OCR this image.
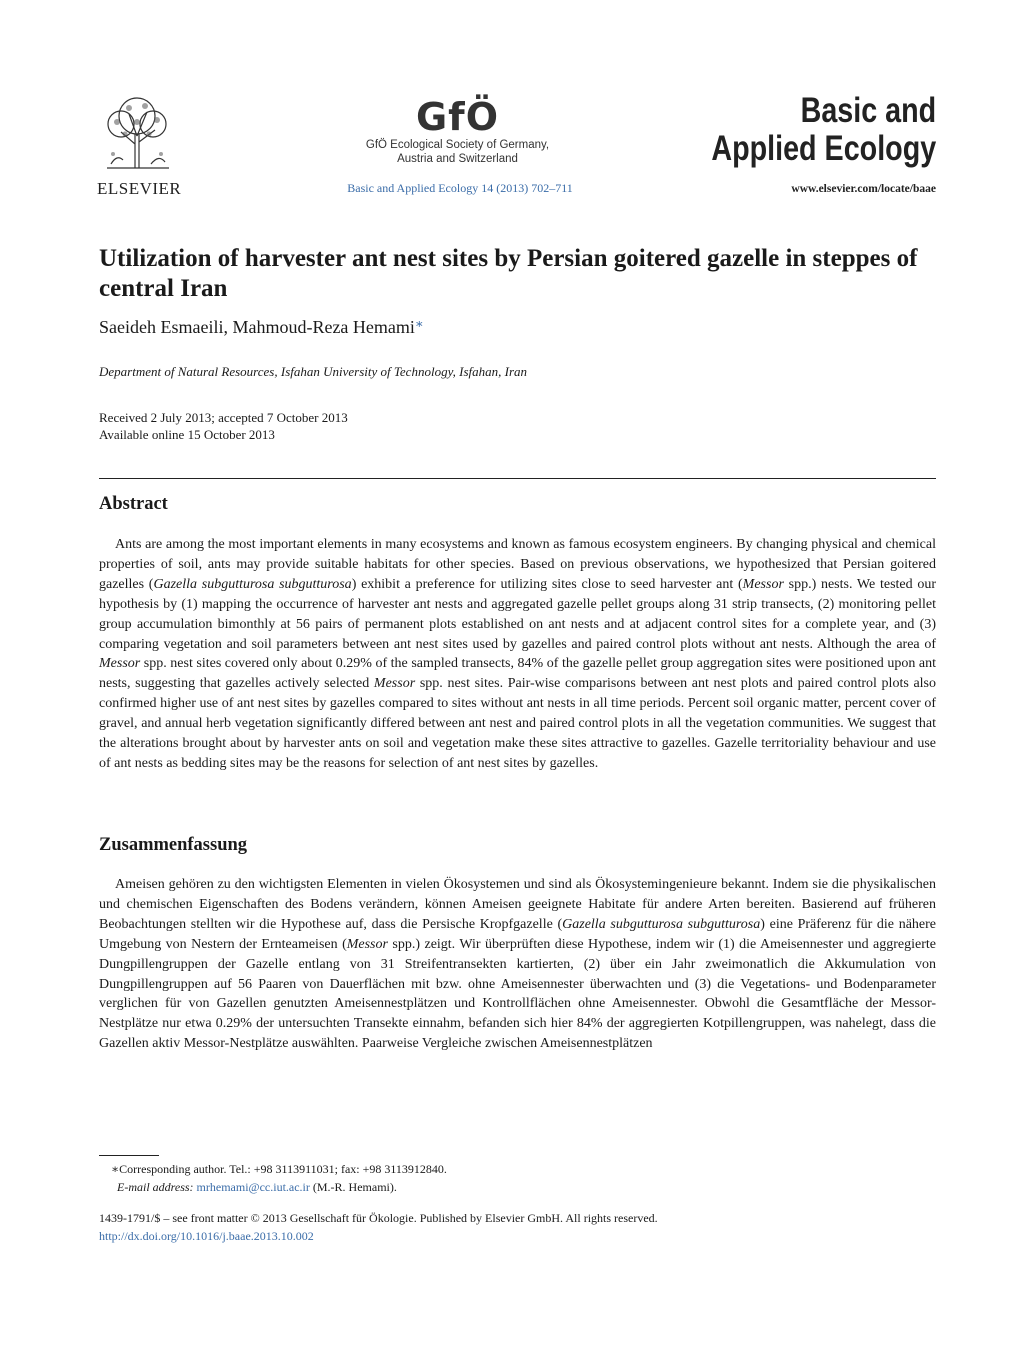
ELSEVIER
GfÖ
GfÖ Ecological Society of Germany,
Austria and Switzerland
Basic and Applied Ecology 14 (2013) 702–711
Basic and
Applied Ecology
www.elsevier.com/locate/baae
Utilization of harvester ant nest sites by Persian goitered gazelle in steppes of central Iran
Saeideh Esmaeili, Mahmoud-Reza Hemami∗
Department of Natural Resources, Isfahan University of Technology, Isfahan, Iran
Received 2 July 2013; accepted 7 October 2013
Available online 15 October 2013
Abstract
Ants are among the most important elements in many ecosystems and known as famous ecosystem engineers. By changing physical and chemical properties of soil, ants may provide suitable habitats for other species. Based on previous observations, we hypothesized that Persian goitered gazelles (Gazella subgutturosa subgutturosa) exhibit a preference for utilizing sites close to seed harvester ant (Messor spp.) nests. We tested our hypothesis by (1) mapping the occurrence of harvester ant nests and aggregated gazelle pellet groups along 31 strip transects, (2) monitoring pellet group accumulation bimonthly at 56 pairs of permanent plots established on ant nests and at adjacent control sites for a complete year, and (3) comparing vegetation and soil parameters between ant nest sites used by gazelles and paired control plots without ant nests. Although the area of Messor spp. nest sites covered only about 0.29% of the sampled transects, 84% of the gazelle pellet group aggregation sites were positioned upon ant nests, suggesting that gazelles actively selected Messor spp. nest sites. Pair-wise comparisons between ant nest plots and paired control plots also confirmed higher use of ant nest sites by gazelles compared to sites without ant nests in all time periods. Percent soil organic matter, percent cover of gravel, and annual herb vegetation significantly differed between ant nest and paired control plots in all the vegetation communities. We suggest that the alterations brought about by harvester ants on soil and vegetation make these sites attractive to gazelles. Gazelle territoriality behaviour and use of ant nests as bedding sites may be the reasons for selection of ant nest sites by gazelles.
Zusammenfassung
Ameisen gehören zu den wichtigsten Elementen in vielen Ökosystemen und sind als Ökosystemingenieure bekannt. Indem sie die physikalischen und chemischen Eigenschaften des Bodens verändern, können Ameisen geeignete Habitate für andere Arten bereiten. Basierend auf früheren Beobachtungen stellten wir die Hypothese auf, dass die Persische Kropfgazelle (Gazella subgutturosa subgutturosa) eine Präferenz für die nähere Umgebung von Nestern der Ernteameisen (Messor spp.) zeigt. Wir überprüften diese Hypothese, indem wir (1) die Ameisennester und aggregierte Dungpillengruppen der Gazelle entlang von 31 Streifentransekten kartierten, (2) über ein Jahr zweimonatlich die Akkumulation von Dungpillengruppen auf 56 Paaren von Dauerflächen mit bzw. ohne Ameisennester überwachten und (3) die Vegetations- und Bodenparameter verglichen für von Gazellen genutzten Ameisennestplätzen und Kontrollflächen ohne Ameisennester. Obwohl die Gesamtfläche der Messor-Nestplätze nur etwa 0.29% der untersuchten Transekte einnahm, befanden sich hier 84% der aggregierten Kotpillengruppen, was nahelegt, dass die Gazellen aktiv Messor-Nestplätze auswählten. Paarweise Vergleiche zwischen Ameisennestplätzen
∗Corresponding author. Tel.: +98 3113911031; fax: +98 3113912840.
E-mail address: mrhemami@cc.iut.ac.ir (M.-R. Hemami).
1439-1791/$ – see front matter © 2013 Gesellschaft für Ökologie. Published by Elsevier GmbH. All rights reserved.
http://dx.doi.org/10.1016/j.baae.2013.10.002
